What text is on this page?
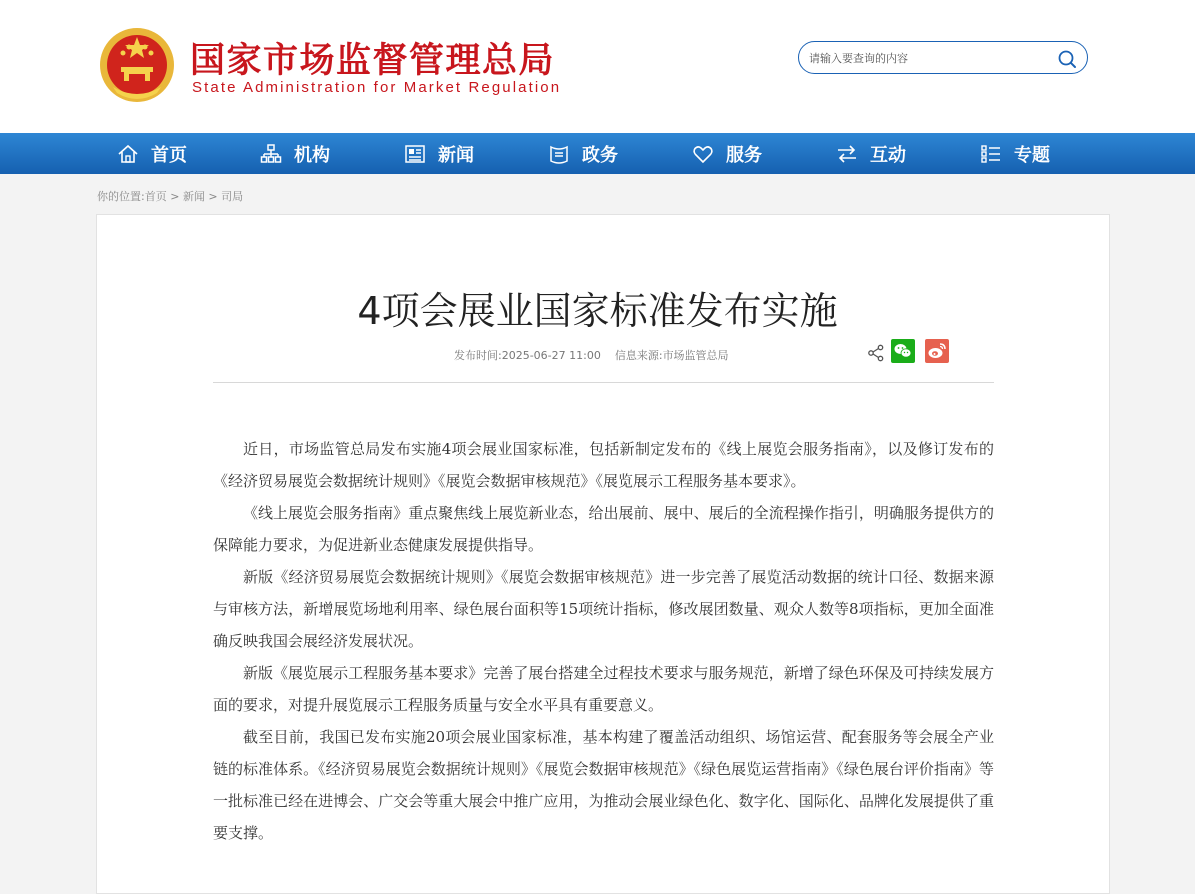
国家市场监督管理总局
State Administration for Market Regulation
请输入要查询的内容
首页	机构	新闻	政务	服务	互动	专题
你的位置:首页 > 新闻 > 司局
4项会展业国家标准发布实施
发布时间:2025-06-27 11:00 信息来源:市场监管总局

近日，市场监管总局发布实施4项会展业国家标准，包括新制定发布的《线上展览会服务指南》，以及修订发布的《经济贸易展览会数据统计规则》《展览会数据审核规范》《展览展示工程服务基本要求》。

《线上展览会服务指南》重点聚焦线上展览新业态，给出展前、展中、展后的全流程操作指引，明确服务提供方的保障能力要求，为促进新业态健康发展提供指导。

新版《经济贸易展览会数据统计规则》《展览会数据审核规范》进一步完善了展览活动数据的统计口径、数据来源与审核方法，新增展览场地利用率、绿色展台面积等15项统计指标，修改展团数量、观众人数等8项指标，更加全面准确反映我国会展经济发展状况。

新版《展览展示工程服务基本要求》完善了展台搭建全过程技术要求与服务规范，新增了绿色环保及可持续发展方面的要求，对提升展览展示工程服务质量与安全水平具有重要意义。

截至目前，我国已发布实施20项会展业国家标准，基本构建了覆盖活动组织、场馆运营、配套服务等会展全产业链的标准体系。《经济贸易展览会数据统计规则》《展览会数据审核规范》《绿色展览运营指南》《绿色展台评价指南》等一批标准已经在进博会、广交会等重大展会中推广应用，为推动会展业绿色化、数字化、国际化、品牌化发展提供了重要支撑。
